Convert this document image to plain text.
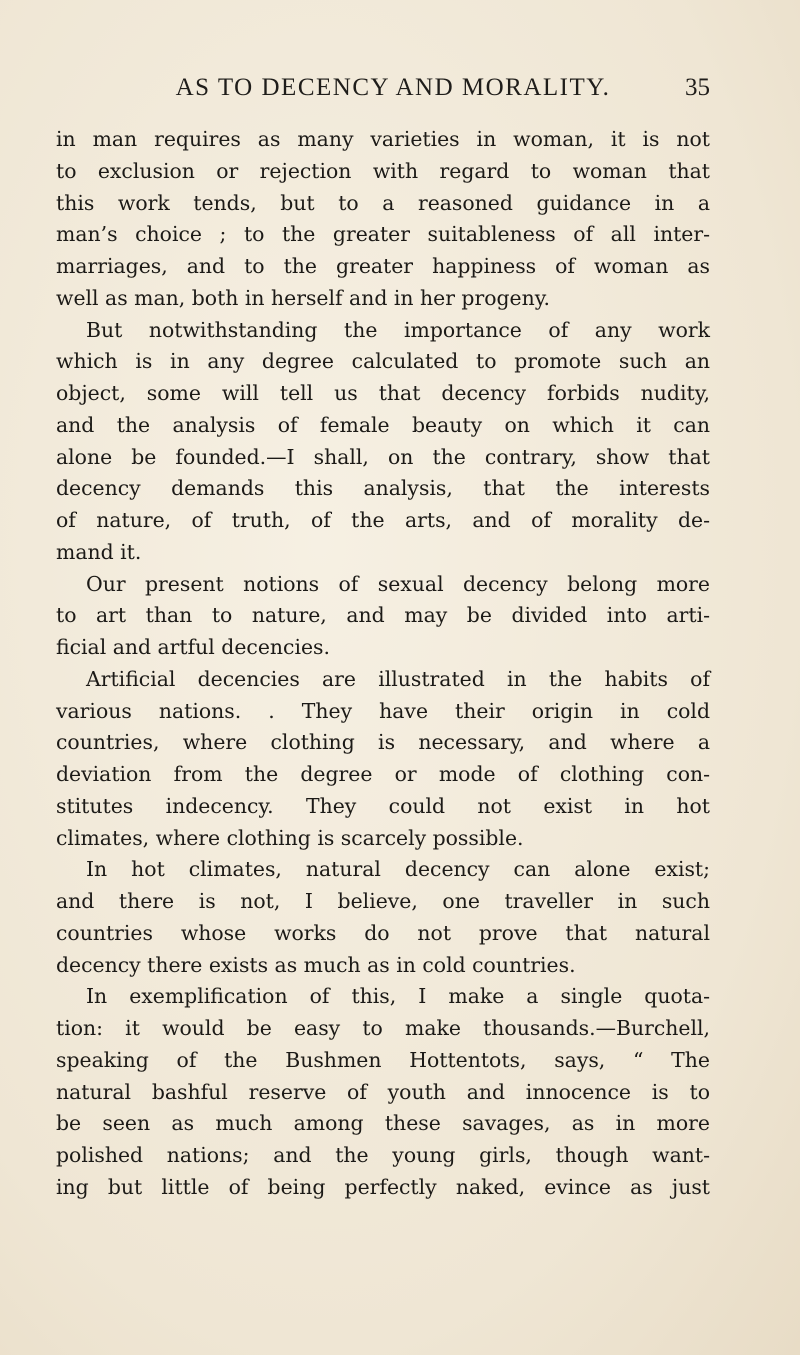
AS TO DECENCY AND MORALITY.	35
in man requires as many varieties in woman, it is not
to exclusion or rejection with regard to woman that
this work tends, but to a reasoned guidance in a
man’s choice ; to the greater suitableness of all inter-
marriages, and to the greater happiness of woman as
well as man, both in herself and in her progeny.
But notwithstanding the importance of any work
which is in any degree calculated to promote such an
object, some will tell us that decency forbids nudity,
and the analysis of female beauty on which it can
alone be founded.—I shall, on the contrary, show that
decency demands this analysis, that the interests
of nature, of truth, of the arts, and of morality de-
mand it.
Our present notions of sexual decency belong more
to art than to nature, and may be divided into arti-
ficial and artful decencies.
Artificial decencies are illustrated in the habits of
various nations. . They have their origin in cold
countries, where clothing is necessary, and where a
deviation from the degree or mode of clothing con-
stitutes indecency. They could not exist in hot
climates, where clothing is scarcely possible.
In hot climates, natural decency can alone exist;
and there is not, I believe, one traveller in such
countries whose works do not prove that natural
decency there exists as much as in cold countries.
In exemplification of this, I make a single quota-
tion: it would be easy to make thousands.—Burchell,
speaking of the Bushmen Hottentots, says, “ The
natural bashful reserve of youth and innocence is to
be seen as much among these savages, as in more
polished nations; and the young girls, though want-
ing but little of being perfectly naked, evince as just
